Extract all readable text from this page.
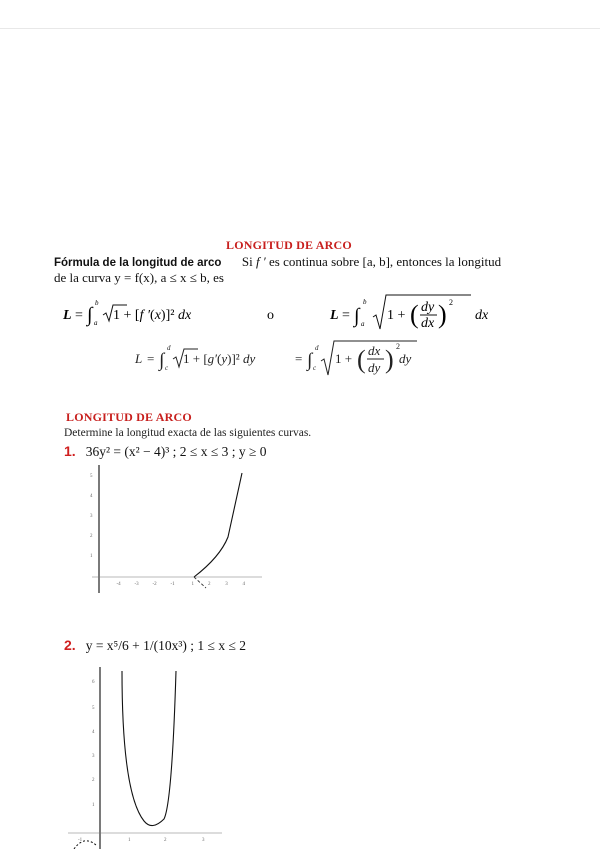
LONGITUD DE ARCO
Fórmula de la longitud de arco Si f ′ es continua sobre [a, b], entonces la longitud
de la curva y = f(x), a ≤ x ≤ b, es
L = ∫
b
a 1 + [f ′(x)]² dx	o	L = ∫
b
a
1 + ( dy
dx ) 2
dx
L = ∫
d
c
1 + [g′(y)]² dy	= ∫
d
c
1 + ( dx
dy ) 2
dy
LONGITUD DE ARCO
Determine la longitud exacta de las siguientes curvas.
1. 36y² = (x² − 4)³ ; 2 ≤ x ≤ 3 ; y ≥ 0
-4	-3	-2	-1	1	2	3	4
1
2
3
4
5
2. y = x⁵/6 + 1/(10x³) ; 1 ≤ x ≤ 2
-1	1	2	3
1
2
3
4
5
6
